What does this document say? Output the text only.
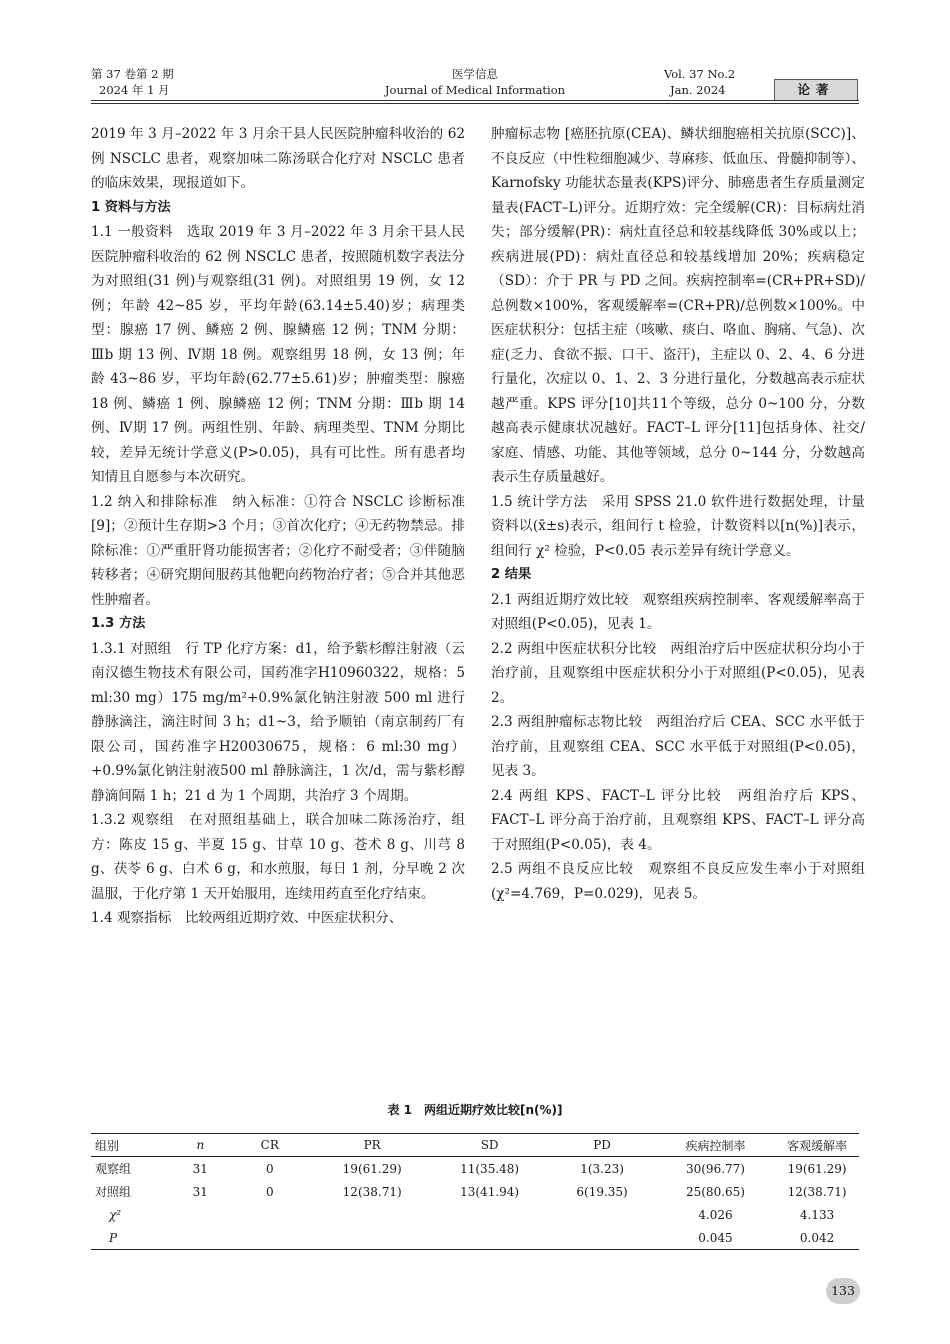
第 37 卷第 2 期
2024 年 1 月
医学信息
Journal of Medical Information
Vol. 37 No.2
Jan. 2024	论著

2019 年 3 月–2022 年 3 月余干县人民医院肿瘤科收治的 62 例 NSCLC 患者，观察加味二陈汤联合化疗对 NSCLC 患者的临床效果，现报道如下。

1 资料与方法

1.1 一般资料　选取 2019 年 3 月–2022 年 3 月余干县人民医院肿瘤科收治的 62 例 NSCLC 患者，按照随机数字表法分为对照组(31 例)与观察组(31 例)。对照组男 19 例，女 12 例；年龄 42~85 岁，平均年龄(63.14±5.40)岁；病理类型：腺癌 17 例、鳞癌 2 例、腺鳞癌 12 例；TNM 分期：Ⅲb 期 13 例、Ⅳ期 18 例。观察组男 18 例，女 13 例；年龄 43~86 岁，平均年龄(62.77±5.61)岁；肿瘤类型：腺癌 18 例、鳞癌 1 例、腺鳞癌 12 例；TNM 分期：Ⅲb 期 14 例、Ⅳ期 17 例。两组性别、年龄、病理类型、TNM 分期比较，差异无统计学意义(P>0.05)，具有可比性。所有患者均知情且自愿参与本次研究。

1.2 纳入和排除标准　纳入标准：①符合 NSCLC 诊断标准[9]；②预计生存期>3 个月；③首次化疗；④无药物禁忌。排除标准：①严重肝肾功能损害者；②化疗不耐受者；③伴随脑转移者；④研究期间服药其他靶向药物治疗者；⑤合并其他恶性肿瘤者。

1.3 方法

1.3.1 对照组　行 TP 化疗方案：d1，给予紫杉醇注射液（云南汉德生物技术有限公司，国药准字H10960322，规格：5 ml:30 mg）175 mg/m²+0.9%氯化钠注射液 500 ml 进行静脉滴注，滴注时间 3 h；d1~3，给予顺铂（南京制药厂有限公司，国药准字H20030675，规格：6 ml:30 mg）+0.9%氯化钠注射液500 ml 静脉滴注，1 次/d，需与紫杉醇静滴间隔 1 h；21 d 为 1 个周期，共治疗 3 个周期。

1.3.2 观察组　在对照组基础上，联合加味二陈汤治疗，组方：陈皮 15 g、半夏 15 g、甘草 10 g、苍术 8 g、川芎 8 g、茯苓 6 g、白术 6 g，和水煎服，每日 1 剂，分早晚 2 次温服，于化疗第 1 天开始服用，连续用药直至化疗结束。

1.4 观察指标　比较两组近期疗效、中医症状积分、

肿瘤标志物 [癌胚抗原(CEA)、鳞状细胞癌相关抗原(SCC)]、不良反应（中性粒细胞减少、荨麻疹、低血压、骨髓抑制等）、Karnofsky 功能状态量表(KPS)评分、肺癌患者生存质量测定量表(FACT–L)评分。近期疗效：完全缓解(CR)：目标病灶消失；部分缓解(PR)：病灶直径总和较基线降低 30%或以上；疾病进展(PD)：病灶直径总和较基线增加 20%；疾病稳定（SD）：介于 PR 与 PD 之间。疾病控制率=(CR+PR+SD)/总例数×100%，客观缓解率=(CR+PR)/总例数×100%。中医症状积分：包括主症（咳嗽、痰白、咯血、胸痛、气急)、次症(乏力、食欲不振、口干、盗汗)，主症以 0、2、4、6 分进行量化，次症以 0、1、2、3 分进行量化，分数越高表示症状越严重。KPS 评分[10]共11个等级，总分 0~100 分，分数越高表示健康状况越好。FACT–L 评分[11]包括身体、社交/家庭、情感、功能、其他等领域，总分 0~144 分，分数越高表示生存质量越好。

1.5 统计学方法　采用 SPSS 21.0 软件进行数据处理，计量资料以(x̄±s)表示，组间行 t 检验，计数资料以[n(%)]表示，组间行 χ² 检验，P<0.05 表示差异有统计学意义。

2 结果

2.1 两组近期疗效比较　观察组疾病控制率、客观缓解率高于对照组(P<0.05)，见表 1。

2.2 两组中医症状积分比较　两组治疗后中医症状积分均小于治疗前，且观察组中医症状积分小于对照组(P<0.05)，见表 2。

2.3 两组肿瘤标志物比较　两组治疗后 CEA、SCC 水平低于治疗前，且观察组 CEA、SCC 水平低于对照组(P<0.05)，见表 3。

2.4 两组 KPS、FACT–L 评分比较　两组治疗后 KPS、FACT–L 评分高于治疗前，且观察组 KPS、FACT–L 评分高于对照组(P<0.05)，表 4。

2.5 两组不良反应比较　观察组不良反应发生率小于对照组(χ²=4.769，P=0.029)，见表 5。

表 1　两组近期疗效比较[n(%)]
组别	n	CR	PR	SD	PD	疾病控制率	客观缓解率
观察组	31	0	19(61.29)	11(35.48)	1(3.23)	30(96.77)	19(61.29)
对照组	31	0	12(38.71)	13(41.94)	6(19.35)	25(80.65)	12(38.71)
χ²						4.026	4.133
P						0.045	0.042
133
